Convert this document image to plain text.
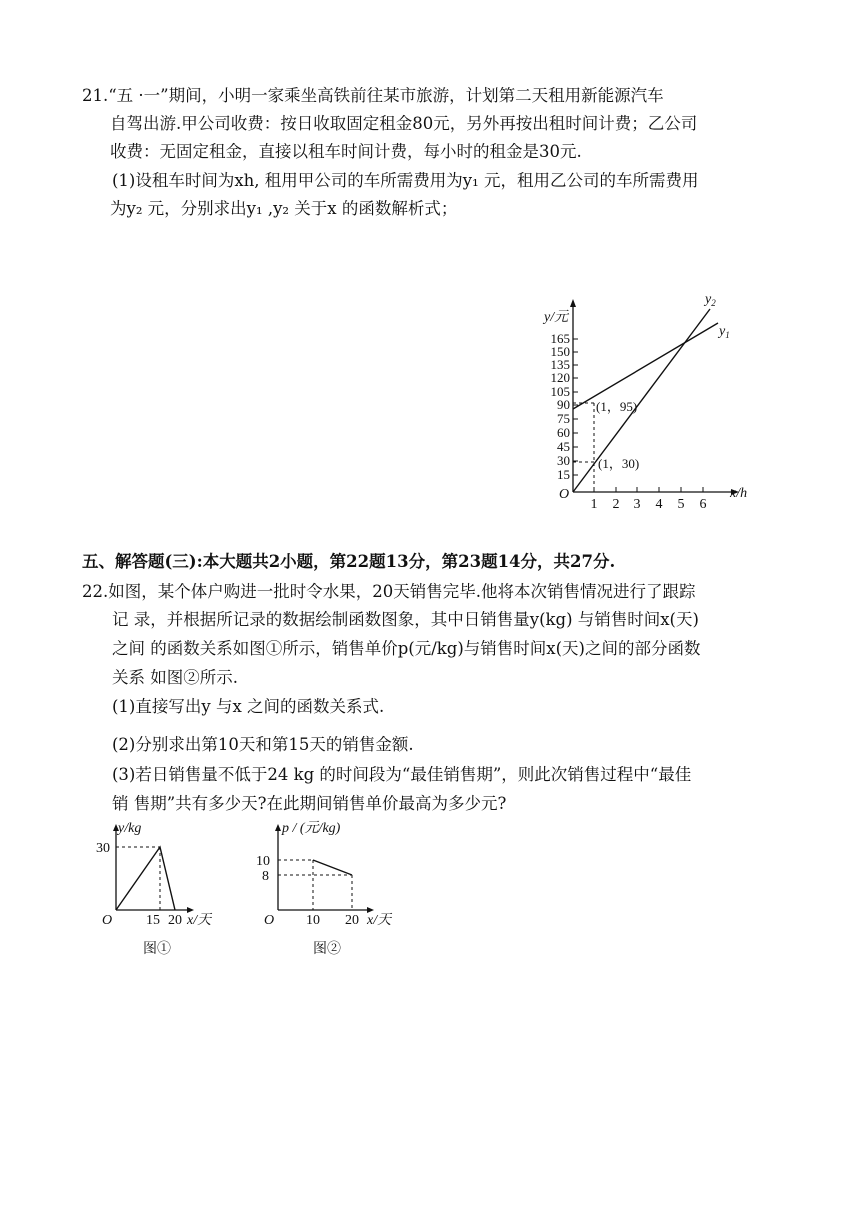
21.“五 ·一”期间，小明一家乘坐高铁前往某市旅游，计划第二天租用新能源汽车
自驾出游.甲公司收费：按日收取固定租金80元，另外再按出租时间计费；乙公司
收费：无固定租金，直接以租车时间计费，每小时的租金是30元.
(1)设租车时间为xh, 租用甲公司的车所需费用为y₁ 元，租用乙公司的车所需费用
为y₂ 元，分别求出y₁ ,y₂ 关于x 的函数解析式；
15
30
45
60
75
90
105
120
135
150
165
1 2 3 4 5 6
O
y/元
x/h
(1，95)
(1，30)
$y_2$
$y_1$
五、解答题(三):本大题共2小题，第22题13分，第23题14分，共27分.
22.如图，某个体户购进一批时令水果，20天销售完毕.他将本次销售情况进行了跟踪
记 录，并根据所记录的数据绘制函数图象，其中日销售量y(kg) 与销售时间x(天)
之间 的函数关系如图①所示，销售单价p(元/kg)与销售时间x(天)之间的部分函数
关系 如图②所示.
(1)直接写出y 与x 之间的函数关系式.
(2)分别求出第10天和第15天的销售金额.
(3)若日销售量不低于24 kg 的时间段为“最佳销售期”，则此次销售过程中“最佳
销 售期”共有多少天?在此期间销售单价最高为多少元?
y/kg
30
O 15 20 x/天
图①
p / (元/kg)
10
8
O 10 20 x/天
图②
